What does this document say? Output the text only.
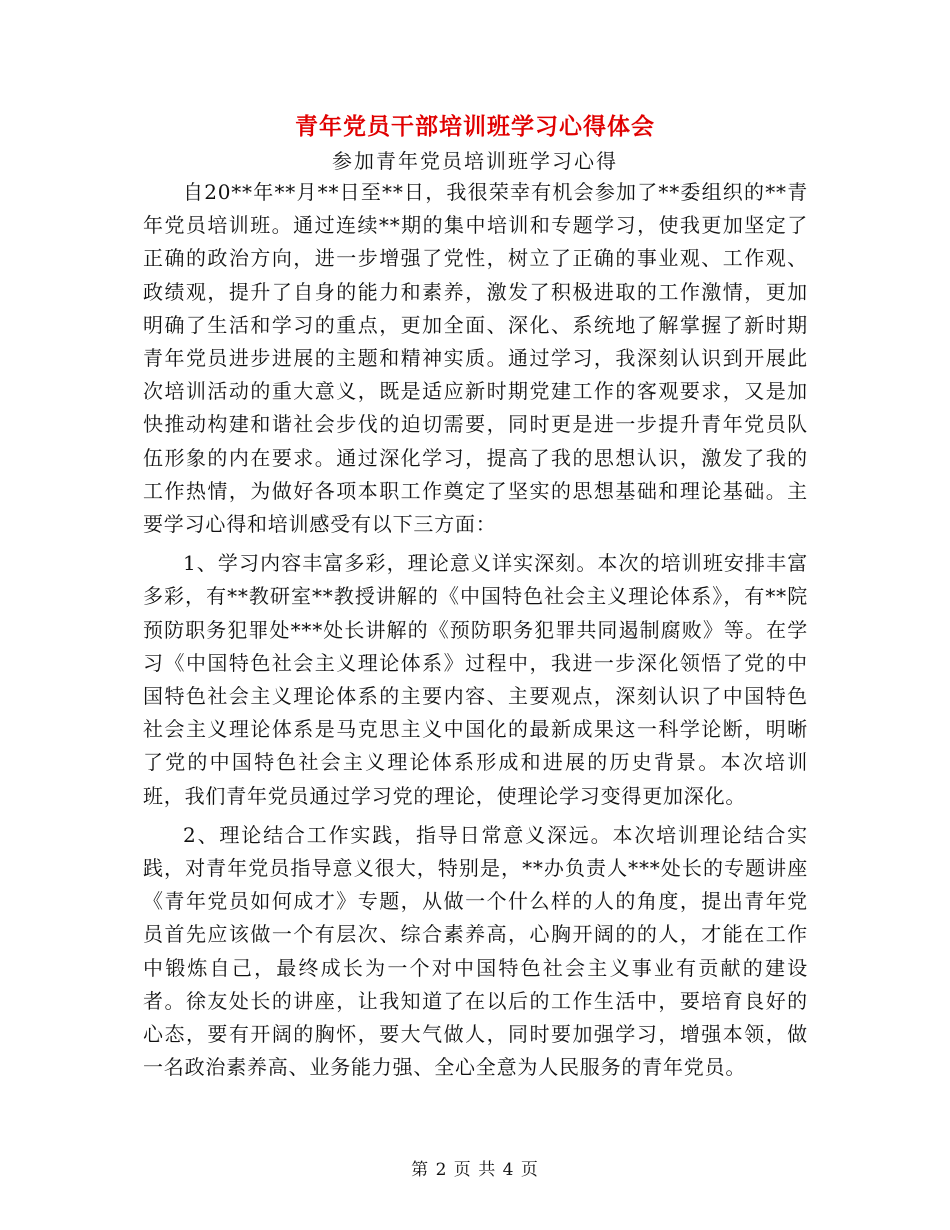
青年党员干部培训班学习心得体会
参加青年党员培训班学习心得

自20**年**月**日至**日，我很荣幸有机会参加了**委组织的**青年党员培训班。通过连续**期的集中培训和专题学习，使我更加坚定了正确的政治方向，进一步增强了党性，树立了正确的事业观、工作观、政绩观，提升了自身的能力和素养，激发了积极进取的工作激情，更加明确了生活和学习的重点，更加全面、深化、系统地了解掌握了新时期青年党员进步进展的主题和精神实质。通过学习，我深刻认识到开展此次培训活动的重大意义，既是适应新时期党建工作的客观要求，又是加快推动构建和谐社会步伐的迫切需要，同时更是进一步提升青年党员队伍形象的内在要求。通过深化学习，提高了我的思想认识，激发了我的工作热情，为做好各项本职工作奠定了坚实的思想基础和理论基础。主要学习心得和培训感受有以下三方面：

1、学习内容丰富多彩，理论意义详实深刻。本次的培训班安排丰富多彩，有**教研室**教授讲解的《中国特色社会主义理论体系》，有**院预防职务犯罪处***处长讲解的《预防职务犯罪共同遏制腐败》等。在学习《中国特色社会主义理论体系》过程中，我进一步深化领悟了党的中国特色社会主义理论体系的主要内容、主要观点，深刻认识了中国特色社会主义理论体系是马克思主义中国化的最新成果这一科学论断，明晰了党的中国特色社会主义理论体系形成和进展的历史背景。本次培训班，我们青年党员通过学习党的理论，使理论学习变得更加深化。

2、理论结合工作实践，指导日常意义深远。本次培训理论结合实践，对青年党员指导意义很大，特别是，**办负责人***处长的专题讲座《青年党员如何成才》专题，从做一个什么样的人的角度，提出青年党员首先应该做一个有层次、综合素养高，心胸开阔的的人，才能在工作中锻炼自己，最终成长为一个对中国特色社会主义事业有贡献的建设者。徐友处长的讲座，让我知道了在以后的工作生活中，要培育良好的心态，要有开阔的胸怀，要大气做人，同时要加强学习，增强本领，做一名政治素养高、业务能力强、全心全意为人民服务的青年党员。

第 2 页 共 4 页
